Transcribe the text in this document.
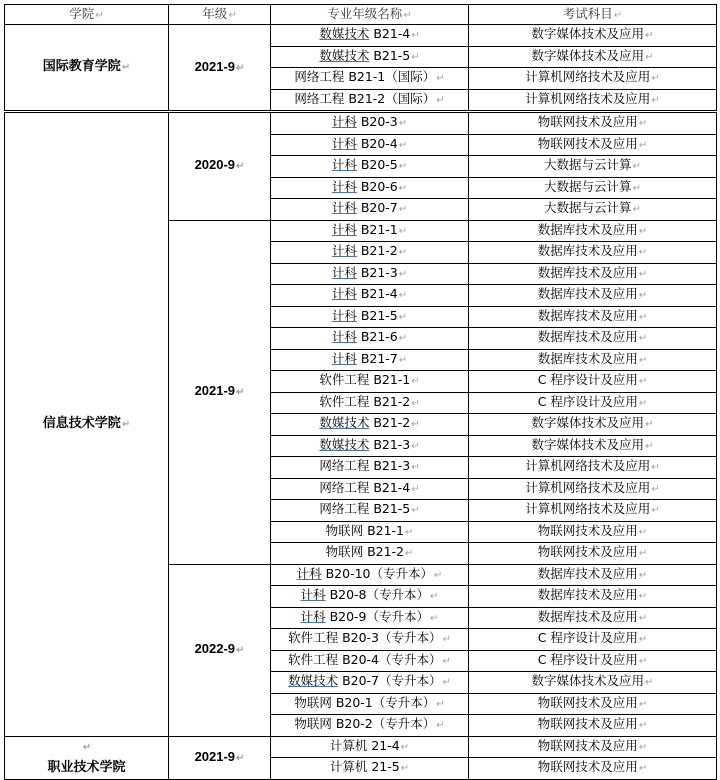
学院↵	年级↵	专业年级名称↵	考试科目↵
国际教育学院↵	2021-9↵	数媒技术 B21-4↵	数字媒体技术及应用↵
		数媒技术 B21-5↵	数字媒体技术及应用↵
		网络工程 B21-1（国际）↵	计算机网络技术及应用↵
		网络工程 B21-2（国际）↵	计算机网络技术及应用↵
信息技术学院↵	2020-9↵	计科 B20-3↵	物联网技术及应用↵
		计科 B20-4↵	物联网技术及应用↵
		计科 B20-5↵	大数据与云计算↵
		计科 B20-6↵	大数据与云计算↵
		计科 B20-7↵	大数据与云计算↵
	2021-9↵	计科 B21-1↵	数据库技术及应用↵
		计科 B21-2↵	数据库技术及应用↵
		计科 B21-3↵	数据库技术及应用↵
		计科 B21-4↵	数据库技术及应用↵
		计科 B21-5↵	数据库技术及应用↵
		计科 B21-6↵	数据库技术及应用↵
		计科 B21-7↵	数据库技术及应用↵
		软件工程 B21-1↵	C 程序设计及应用↵
		软件工程 B21-2↵	C 程序设计及应用↵
		数媒技术 B21-2↵	数字媒体技术及应用↵
		数媒技术 B21-3↵	数字媒体技术及应用↵
		网络工程 B21-3↵	计算机网络技术及应用↵
		网络工程 B21-4↵	计算机网络技术及应用↵
		网络工程 B21-5↵	计算机网络技术及应用↵
		物联网 B21-1↵	物联网技术及应用↵
		物联网 B21-2↵	物联网技术及应用↵
	2022-9↵	计科 B20-10（专升本）↵	数据库技术及应用↵
		计科 B20-8（专升本）↵	数据库技术及应用↵
		计科 B20-9（专升本）↵	数据库技术及应用↵
		软件工程 B20-3（专升本）↵	C 程序设计及应用↵
		软件工程 B20-4（专升本）↵	C 程序设计及应用↵
		数媒技术 B20-7（专升本）↵	数字媒体技术及应用↵
		物联网 B20-1（专升本）↵	物联网技术及应用↵
		物联网 B20-2（专升本）↵	物联网技术及应用↵
↵	2021-9↵	计算机 21-4↵	物联网技术及应用↵
职业技术学院		计算机 21-5↵	物联网技术及应用↵
